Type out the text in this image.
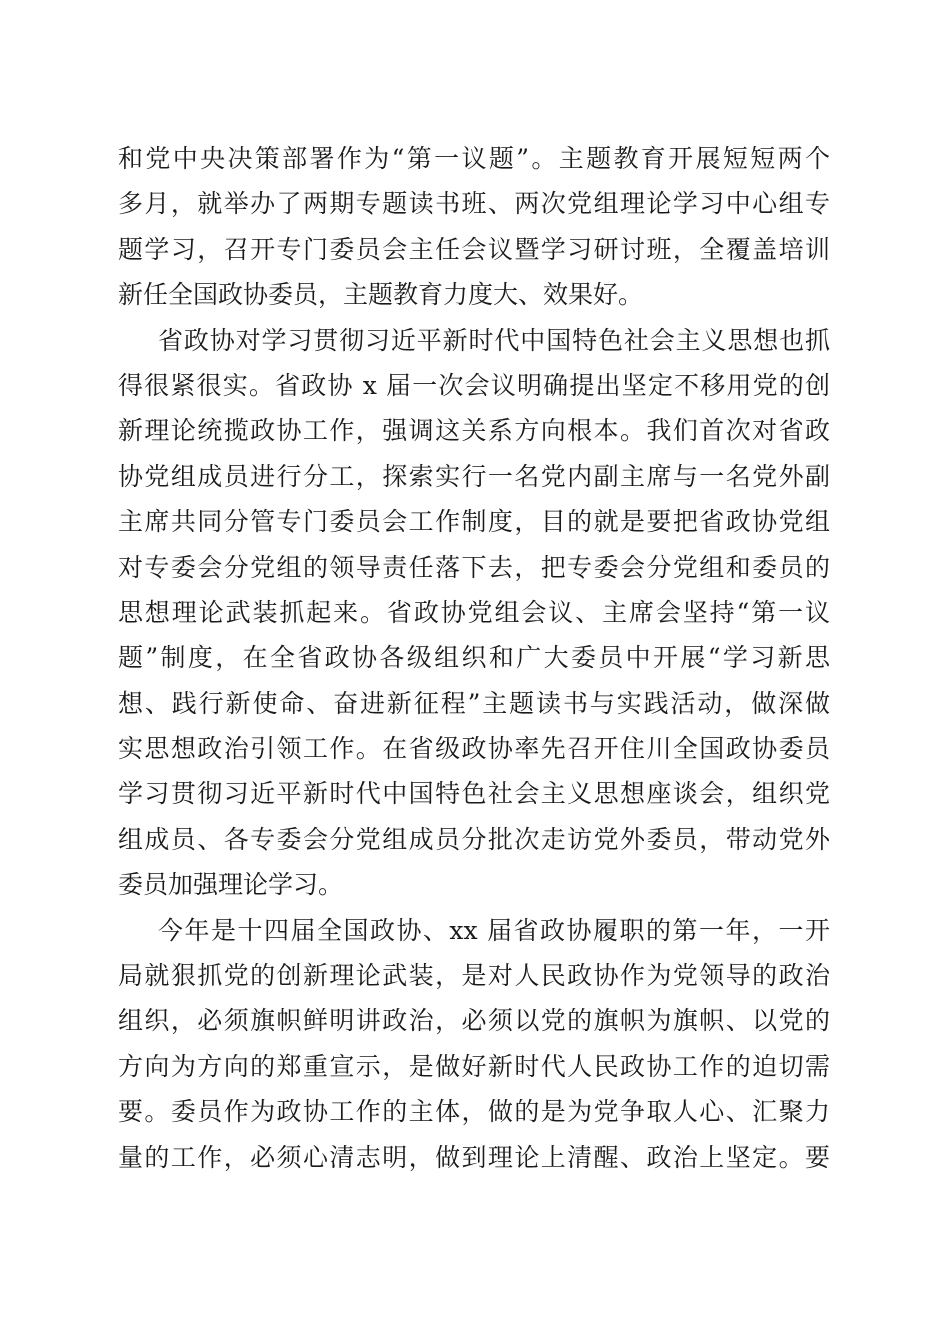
和党中央决策部署作为“第一议题”。主题教育开展短短两个
多月，就举办了两期专题读书班、两次党组理论学习中心组专
题学习，召开专门委员会主任会议暨学习研讨班，全覆盖培训
新任全国政协委员，主题教育力度大、效果好。
省政协对学习贯彻习近平新时代中国特色社会主义思想也抓
得很紧很实。省政协 x 届一次会议明确提出坚定不移用党的创
新理论统揽政协工作，强调这关系方向根本。我们首次对省政
协党组成员进行分工，探索实行一名党内副主席与一名党外副
主席共同分管专门委员会工作制度，目的就是要把省政协党组
对专委会分党组的领导责任落下去，把专委会分党组和委员的
思想理论武装抓起来。省政协党组会议、主席会坚持“第一议
题”制度，在全省政协各级组织和广大委员中开展“学习新思
想、践行新使命、奋进新征程”主题读书与实践活动，做深做
实思想政治引领工作。在省级政协率先召开住川全国政协委员
学习贯彻习近平新时代中国特色社会主义思想座谈会，组织党
组成员、各专委会分党组成员分批次走访党外委员，带动党外
委员加强理论学习。
今年是十四届全国政协、xx 届省政协履职的第一年，一开
局就狠抓党的创新理论武装，是对人民政协作为党领导的政治
组织，必须旗帜鲜明讲政治，必须以党的旗帜为旗帜、以党的
方向为方向的郑重宣示，是做好新时代人民政协工作的迫切需
要。委员作为政协工作的主体，做的是为党争取人心、汇聚力
量的工作，必须心清志明，做到理论上清醒、政治上坚定。要
